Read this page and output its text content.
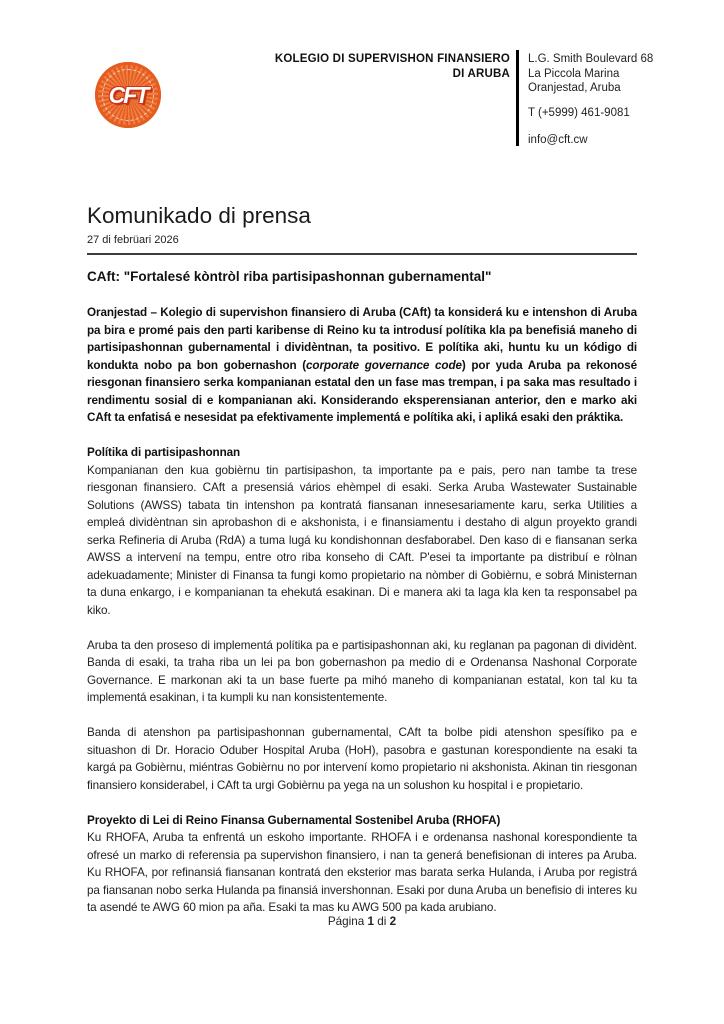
CFT
KOLEGIO DI SUPERVISHON FINANSIERO
DI ARUBA
L.G. Smith Boulevard 68
La Piccola Marina
Oranjestad, Aruba
T (+5999) 461-9081
info@cft.cw
Komunikado di prensa
27 di febrüari 2026
CAft: "Fortalesé kòntròl riba partisipashonnan gubernamental"

Oranjestad – Kolegio di supervishon finansiero di Aruba (CAft) ta konsiderá ku e intenshon di Aruba pa bira e promé pais den parti karibense di Reino ku ta introdusí polítika kla pa benefisiá maneho di partisipashonnan gubernamental i dividèntnan, ta positivo. E polítika aki, huntu ku un kódigo di kondukta nobo pa bon gobernashon (corporate governance code) por yuda Aruba pa rekonosé riesgonan finansiero serka kompanianan estatal den un fase mas trempan, i pa saka mas resultado i rendimentu sosial di e kompanianan aki. Konsiderando eksperensianan anterior, den e marko aki CAft ta enfatisá e nesesidat pa efektivamente implementá e polítika aki, i apliká esaki den práktika.

Polítika di partisipashonnan

Kompanianan den kua gobièrnu tin partisipashon, ta importante pa e pais, pero nan tambe ta trese riesgonan finansiero. CAft a presensiá vários ehèmpel di esaki. Serka Aruba Wastewater Sustainable Solutions (AWSS) tabata tin intenshon pa kontratá fiansanan innesesariamente karu, serka Utilities a empleá dividèntnan sin aprobashon di e akshonista, i e finansiamentu i destaho di algun proyekto grandi serka Refineria di Aruba (RdA) a tuma lugá ku kondishonnan desfaborabel. Den kaso di e fiansanan serka AWSS a intervení na tempu, entre otro riba konseho di CAft. P'esei ta importante pa distribuí e ròlnan adekuadamente; Minister di Finansa ta fungi komo propietario na nòmber di Gobièrnu, e sobrá Ministernan ta duna enkargo, i e kompanianan ta ehekutá esakinan. Di e manera aki ta laga kla ken ta responsabel pa kiko.

Aruba ta den proseso di implementá polítika pa e partisipashonnan aki, ku reglanan pa pagonan di dividènt. Banda di esaki, ta traha riba un lei pa bon gobernashon pa medio di e Ordenansa Nashonal Corporate Governance. E markonan aki ta un base fuerte pa mihó maneho di kompanianan estatal, kon tal ku ta implementá esakinan, i ta kumpli ku nan konsistentemente.

Banda di atenshon pa partisipashonnan gubernamental, CAft ta bolbe pidi atenshon spesífiko pa e situashon di Dr. Horacio Oduber Hospital Aruba (HoH), pasobra e gastunan korespondiente na esaki ta kargá pa Gobièrnu, miéntras Gobièrnu no por intervení komo propietario ni akshonista. Akinan tin riesgonan finansiero konsiderabel, i CAft ta urgi Gobièrnu pa yega na un solushon ku hospital i e propietario.

Proyekto di Lei di Reino Finansa Gubernamental Sostenibel Aruba (RHOFA)

Ku RHOFA, Aruba ta enfrentá un eskoho importante. RHOFA i e ordenansa nashonal korespondiente ta ofresé un marko di referensia pa supervishon finansiero, i nan ta generá benefisionan di interes pa Aruba. Ku RHOFA, por refinansiá fiansanan kontratá den eksterior mas barata serka Hulanda, i Aruba por registrá pa fiansanan nobo serka Hulanda pa finansiá invershonnan. Esaki por duna Aruba un benefisio di interes ku ta asendé te AWG 60 mion pa aña. Esaki ta mas ku AWG 500 pa kada arubiano.

Página 1 di 2
